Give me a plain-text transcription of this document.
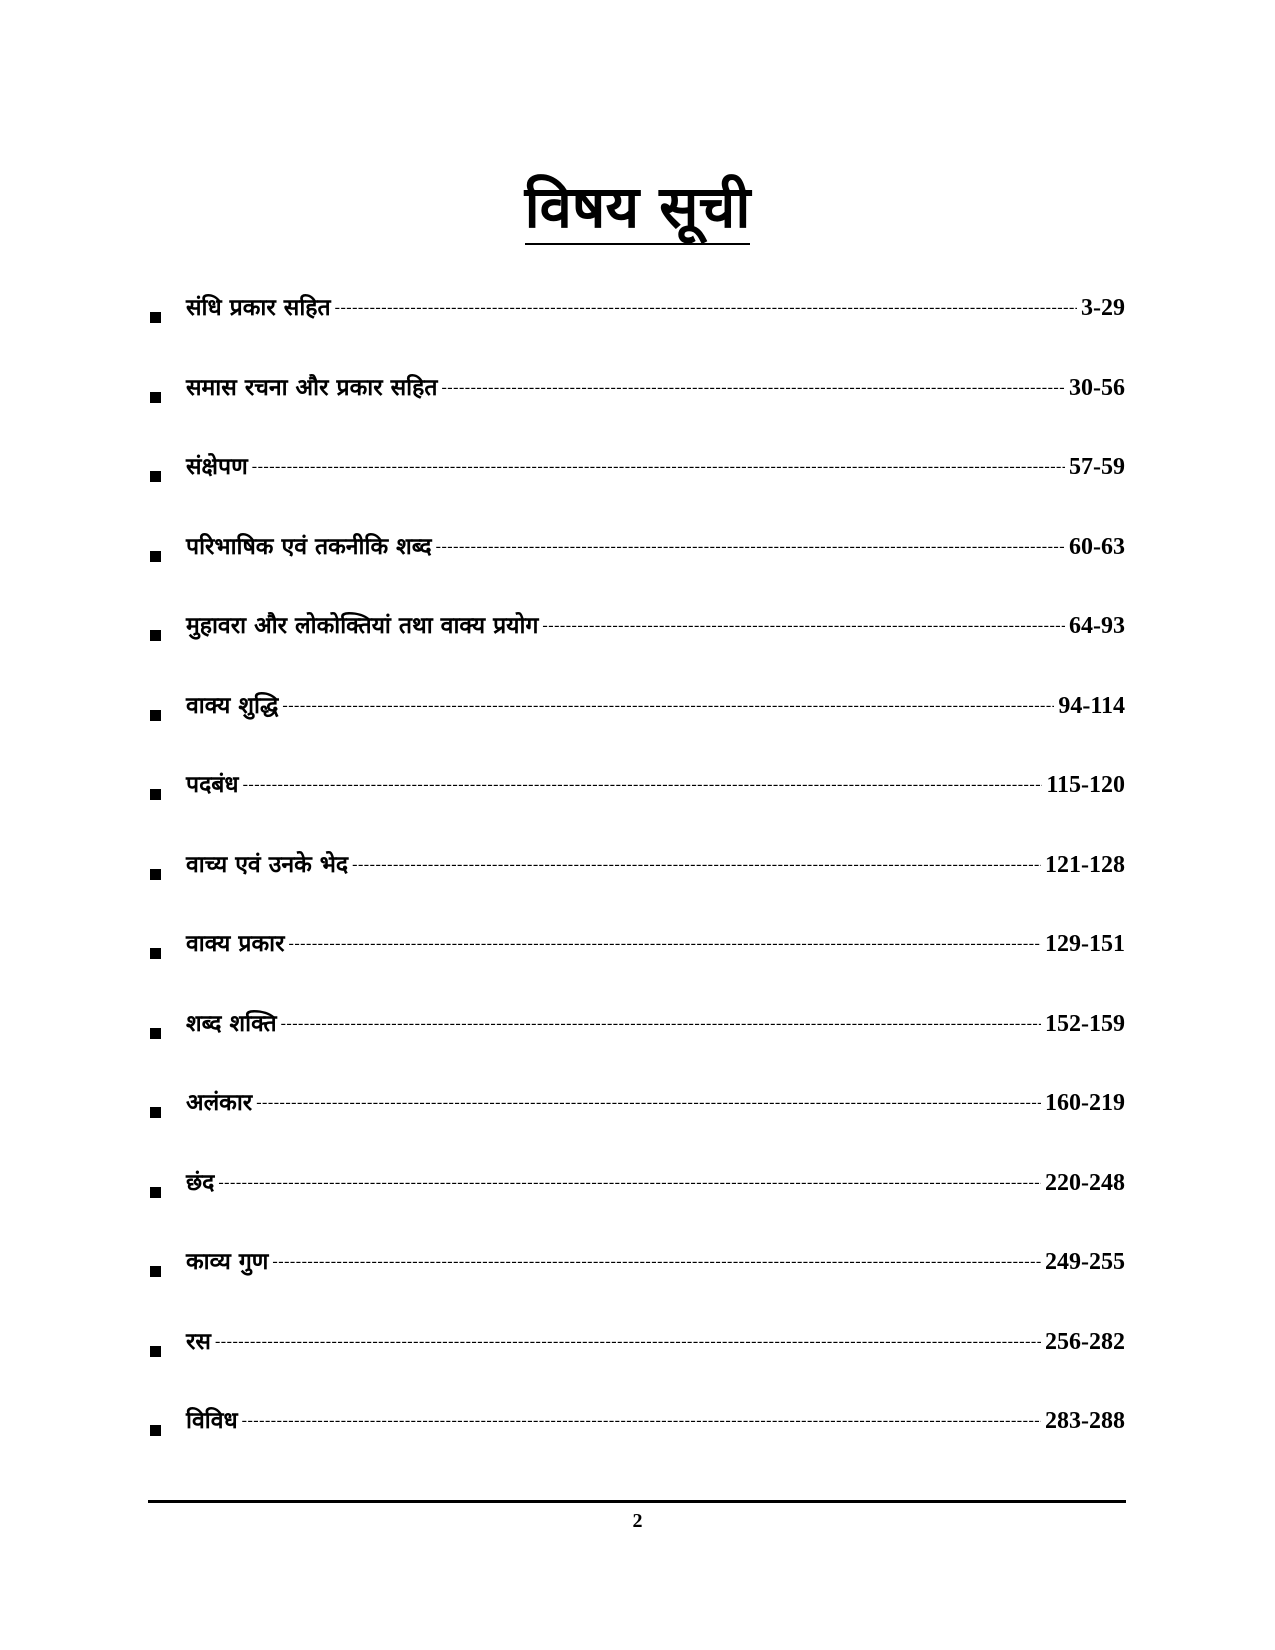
विषय सूची
संधि प्रकार सहित -----	3-29
समास रचना और प्रकार सहित -----	30-56
संक्षेपण -----	57-59
परिभाषिक एवं तकनीकि शब्द -----	60-63
मुहावरा और लोकोक्तियां तथा वाक्य प्रयोग -----	64-93
वाक्य शुद्धि -----	94-114
पदबंध -----	115-120
वाच्य एवं उनके भेद -----	121-128
वाक्य प्रकार -----	129-151
शब्द शक्ति -----	152-159
अलंकार -----	160-219
छंद -----	220-248
काव्य गुण -----	249-255
रस -----	256-282
विविध -----	283-288
2
